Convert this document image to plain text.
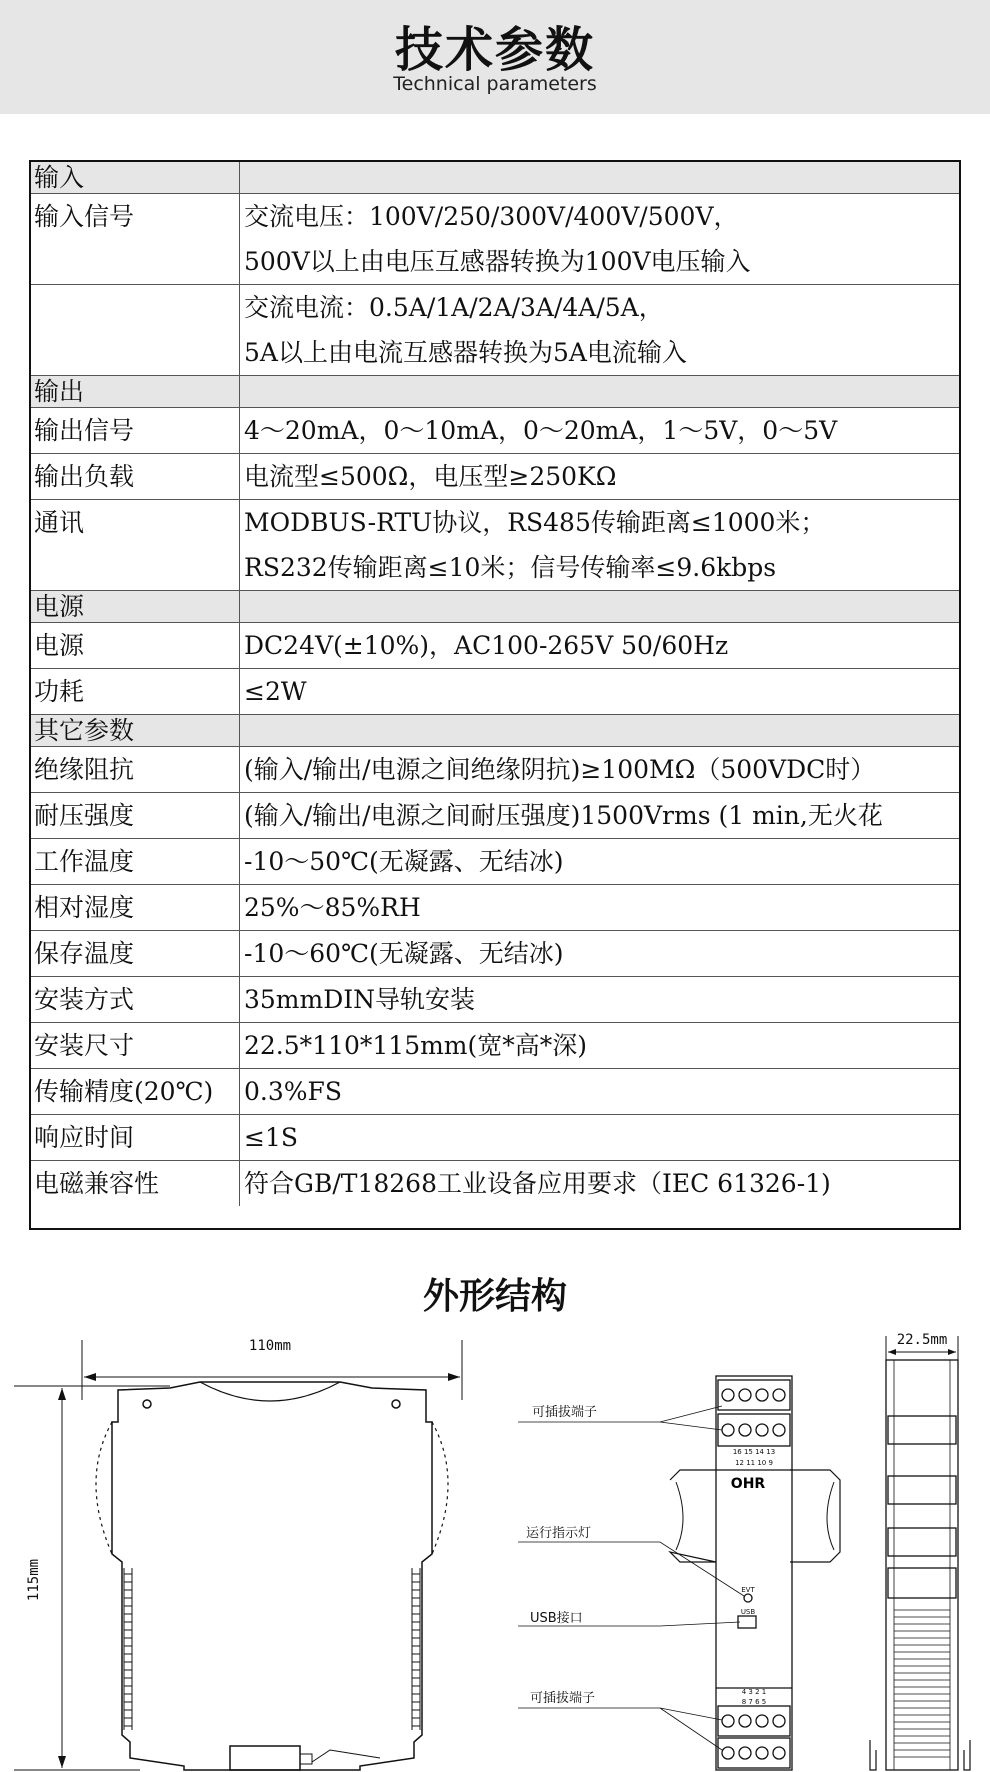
技术参数
Technical parameters
输入	
输入信号	交流电压：100V/250/300V/400V/500V，
500V以上由电压互感器转换为100V电压输入

	交流电流：0.5A/1A/2A/3A/4A/5A，
5A以上由电流互感器转换为5A电流输入

输出	
输出信号	4～20mA，0～10mA，0～20mA，1～5V，0～5V

输出负载	电流型≤500Ω，电压型≥250KΩ

通讯	MODBUS-RTU协议，RS485传输距离≤1000米；
RS232传输距离≤10米；信号传输率≤9.6kbps

电源	
电源	DC24V(±10%)，AC100-265V 50/60Hz

功耗	≤2W

其它参数	
绝缘阻抗	(输入/输出/电源之间绝缘阴抗)≥100MΩ（500VDC时）

耐压强度	(输入/输出/电源之间耐压强度)1500Vrms (1 min,无火花

工作温度	-10～50℃(无凝露、无结冰)

相对湿度	25%～85%RH

保存温度	-10～60℃(无凝露、无结冰)

安装方式	35mmDIN导轨安装

安装尺寸	22.5*110*115mm(宽*高*深)

传输精度(20℃)	0.3%FS

响应时间	≤1S

电磁兼容性	符合GB/T18268工业设备应用要求（IEC 61326-1)
外形结构
110mm
115mm
16 15 14 13
12 11 10 9
OHR
EVT
USB
4 3 2 1
8 7 6 5
可插拔端子
运行指示灯
USB接口
可插拔端子
22.5mm
